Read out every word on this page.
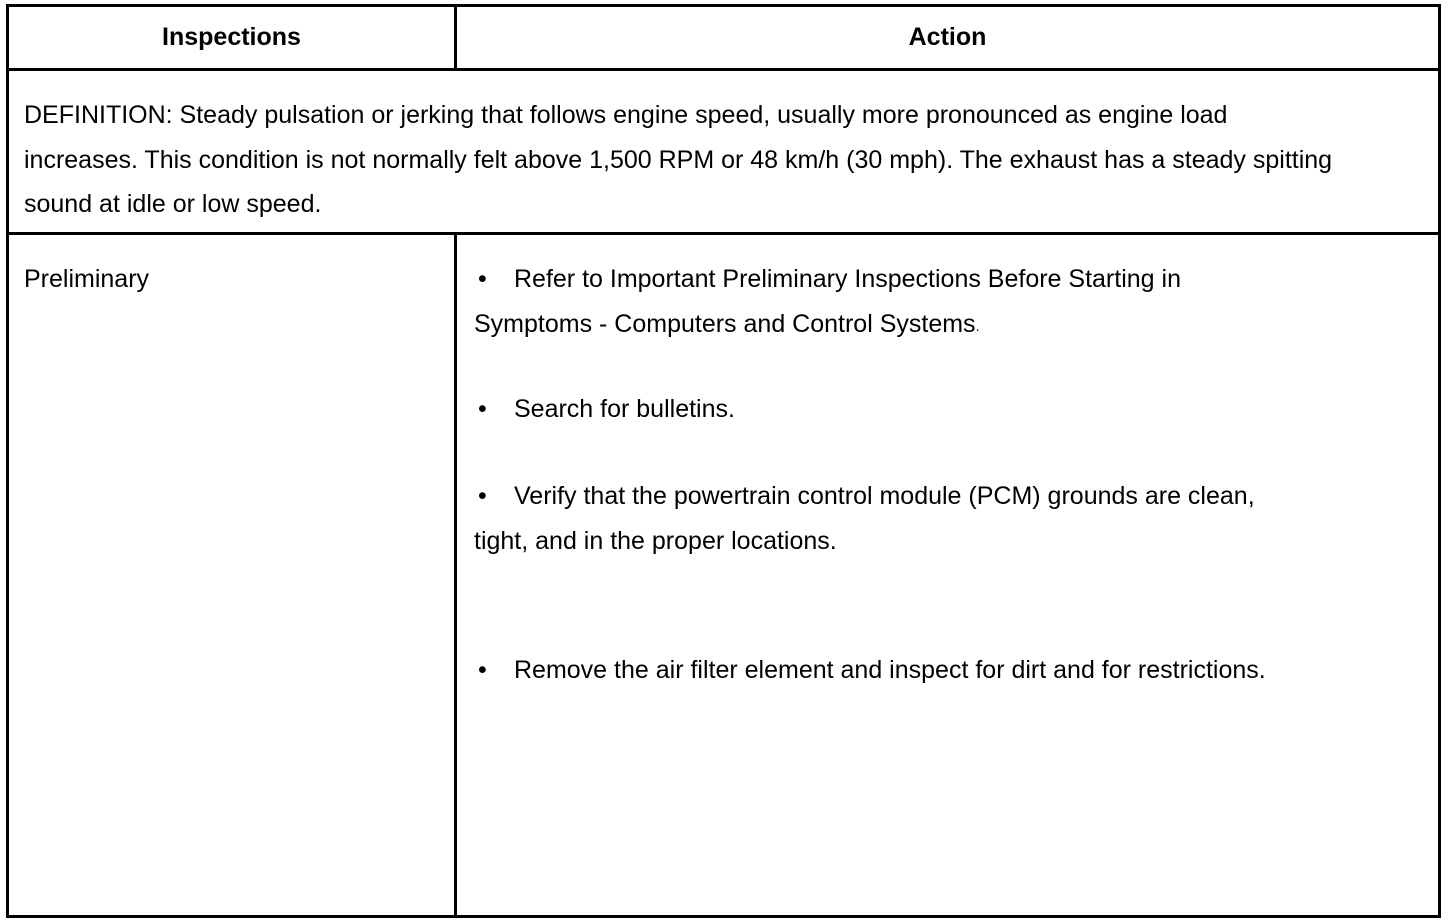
Inspections	Action
DEFINITION: Steady pulsation or jerking that follows engine speed, usually more pronounced as engine load increases. This condition is not normally felt above 1,500 RPM or 48 km/h (30 mph). The exhaust has a steady spitting sound at idle or low speed.
Preliminary	• Refer to Important Preliminary Inspections Before Starting in Symptoms - Computers and Control Systems.
• Search for bulletins.
• Verify that the powertrain control module (PCM) grounds are clean, tight, and in the proper locations.
• Remove the air filter element and inspect for dirt and for restrictions.
